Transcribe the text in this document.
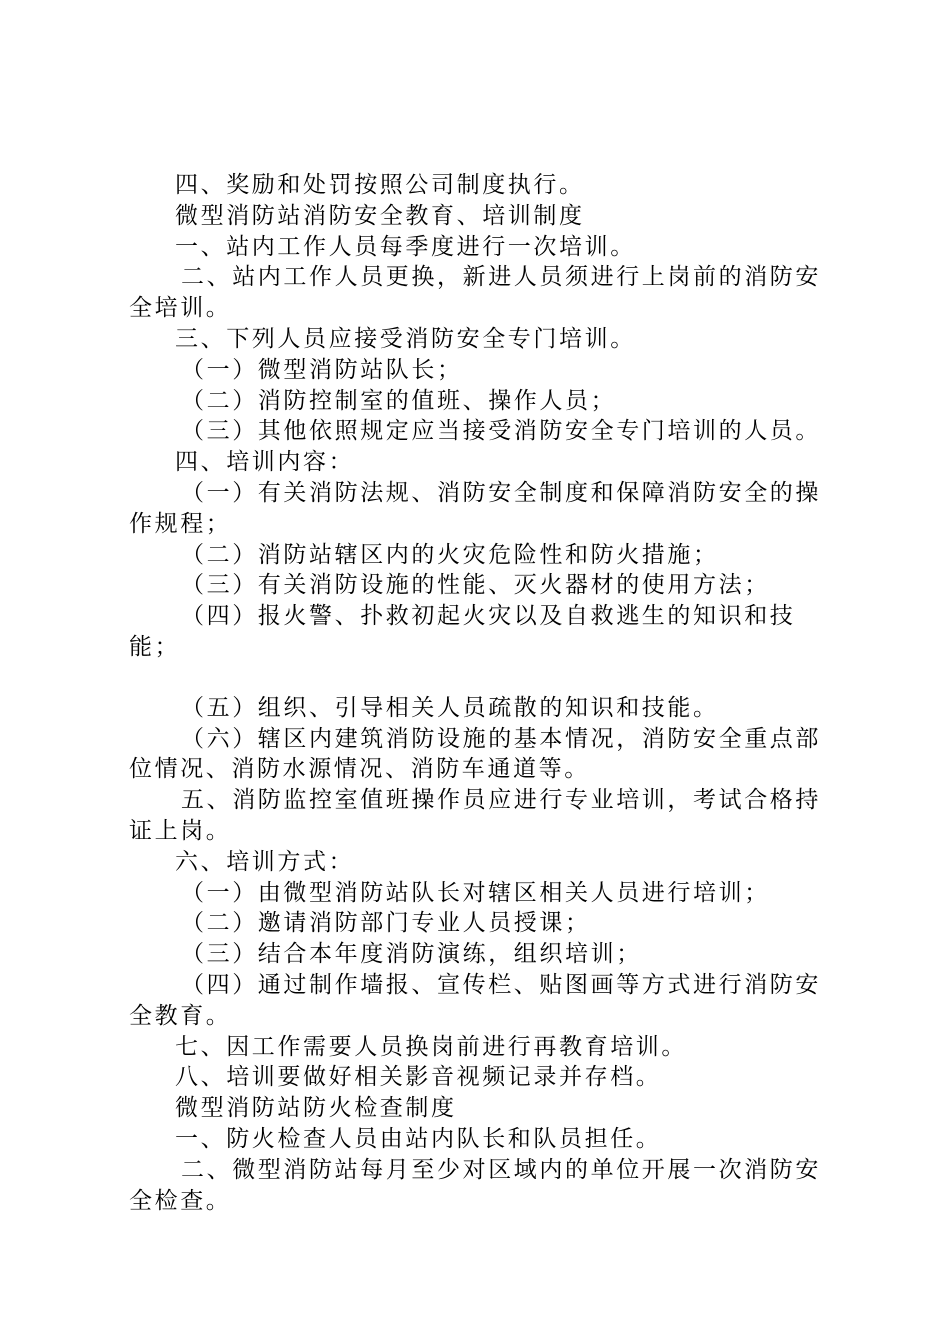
四、奖励和处罚按照公司制度执行。

微型消防站消防安全教育、培训制度

一、站内工作人员每季度进行一次培训。

二、站内工作人员更换，新进人员须进行上岗前的消防安全培训。

三、下列人员应接受消防安全专门培训。

（一）微型消防站队长；

（二）消防控制室的值班、操作人员；

（三）其他依照规定应当接受消防安全专门培训的人员。

四、培训内容：

（一）有关消防法规、消防安全制度和保障消防安全的操作规程；

（二）消防站辖区内的火灾危险性和防火措施；

（三）有关消防设施的性能、灭火器材的使用方法；

（四）报火警、扑救初起火灾以及自救逃生的知识和技能；

（五）组织、引导相关人员疏散的知识和技能。

（六）辖区内建筑消防设施的基本情况，消防安全重点部位情况、消防水源情况、消防车通道等。

五、消防监控室值班操作员应进行专业培训，考试合格持证上岗。

六、培训方式：

（一）由微型消防站队长对辖区相关人员进行培训；

（二）邀请消防部门专业人员授课；

（三）结合本年度消防演练，组织培训；

（四）通过制作墙报、宣传栏、贴图画等方式进行消防安全教育。

七、因工作需要人员换岗前进行再教育培训。

八、培训要做好相关影音视频记录并存档。

微型消防站防火检查制度

一、防火检查人员由站内队长和队员担任。

二、微型消防站每月至少对区域内的单位开展一次消防安全检查。
